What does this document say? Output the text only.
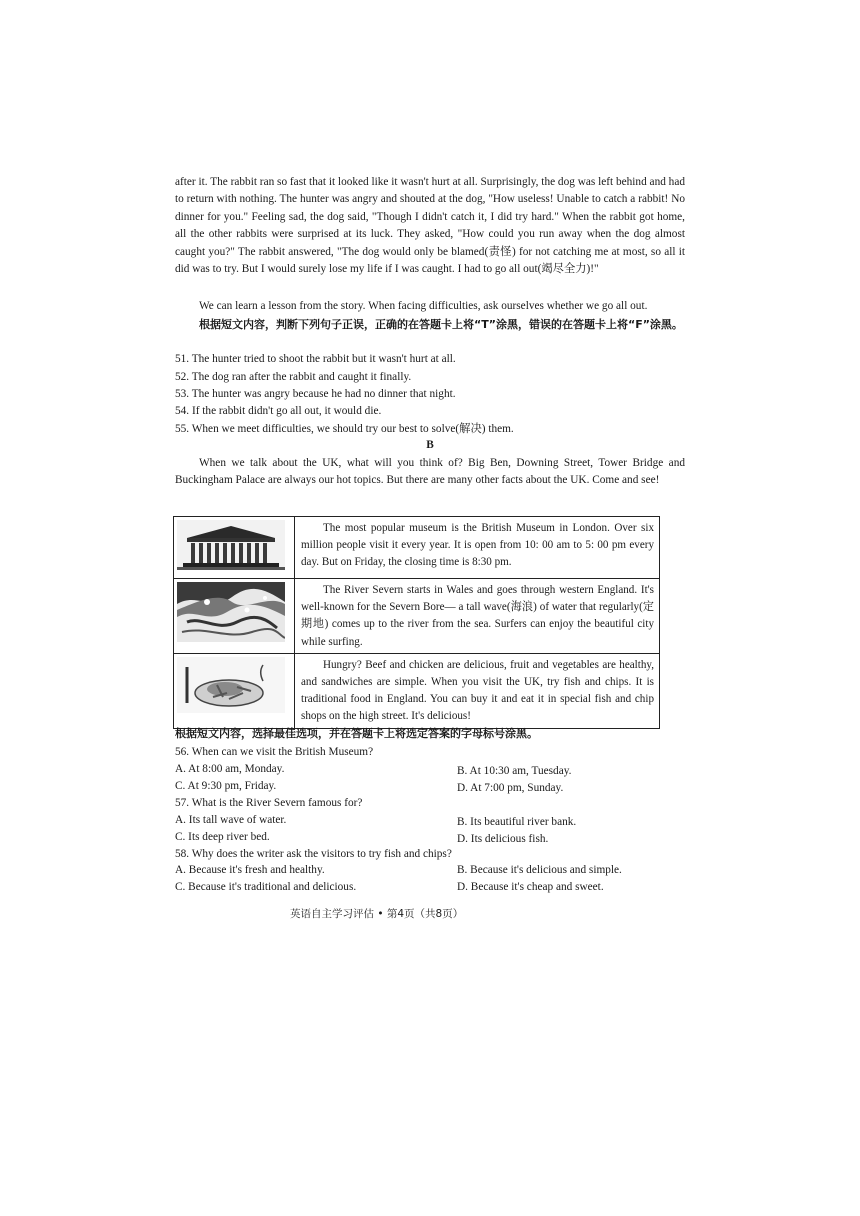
after it. The rabbit ran so fast that it looked like it wasn't hurt at all. Surprisingly, the dog was left behind and had to return with nothing. The hunter was angry and shouted at the dog, "How useless! Unable to catch a rabbit! No dinner for you." Feeling sad, the dog said, "Though I didn't catch it, I did try hard." When the rabbit got home, all the other rabbits were surprised at its luck. They asked, "How could you run away when the dog almost caught you?" The rabbit answered, "The dog would only be blamed(责怪) for not catching me at most, so all it did was to try. But I would surely lose my life if I was caught. I had to go all out(竭尽全力)!"

We can learn a lesson from the story. When facing difficulties, ask ourselves whether we go all out.

根据短文内容，判断下列句子正误，正确的在答题卡上将“T”涂黑，错误的在答题卡上将“F”涂黑。

51. The hunter tried to shoot the rabbit but it wasn't hurt at all.

52. The dog ran after the rabbit and caught it finally.

53. The hunter was angry because he had no dinner that night.

54. If the rabbit didn't go all out, it would die.

55. When we meet difficulties, we should try our best to solve(解决) them.

B

When we talk about the UK, what will you think of? Big Ben, Downing Street, Tower Bridge and Buckingham Palace are always our hot topics. But there are many other facts about the UK. Come and see!

	The most popular museum is the British Museum in London. Over six million people visit it every year. It is open from 10: 00 am to 5: 00 pm every day. But on Friday, the closing time is 8:30 pm.
	The River Severn starts in Wales and goes through western England. It's well-known for the Severn Bore— a tall wave(海浪) of water that regularly(定期地) comes up to the river from the sea. Surfers can enjoy the beautiful city while surfing.
	Hungry? Beef and chicken are delicious, fruit and vegetables are healthy, and sandwiches are simple. When you visit the UK, try fish and chips. It is traditional food in England. You can buy it and eat it in special fish and chip shops on the high street. It's delicious!

根据短文内容，选择最佳选项，并在答题卡上将选定答案的字母标号涂黑。

56. When can we visit the British Museum?

A. At 8:00 am, Monday.	B. At 10:30 am, Tuesday.

C. At 9:30 pm, Friday.	D. At 7:00 pm, Sunday.

57. What is the River Severn famous for?

A. Its tall wave of water.	B. Its beautiful river bank.

C. Its deep river bed.	D. Its delicious fish.

58. Why does the writer ask the visitors to try fish and chips?

A. Because it's fresh and healthy.	B. Because it's delicious and simple.

C. Because it's traditional and delicious.	D. Because it's cheap and sweet.

英语自主学习评估 • 第4页（共8页）
